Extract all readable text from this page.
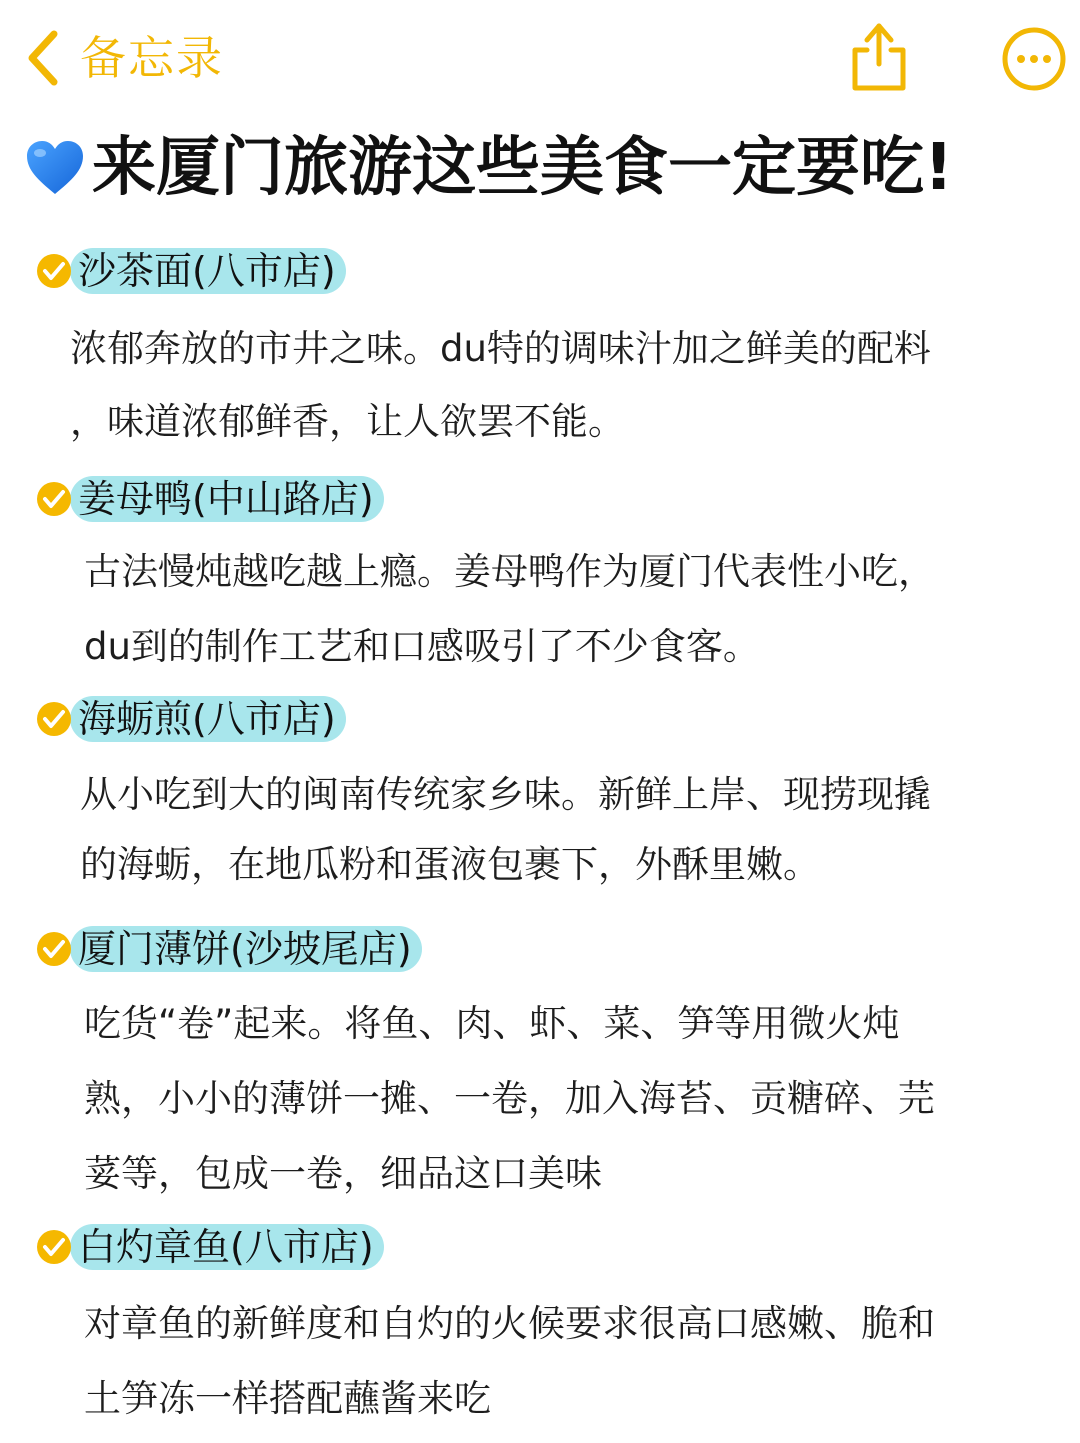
备忘录
来厦门旅游这些美食一定要吃!
沙茶面(八市店)
浓郁奔放的市井之味。du特的调味汁加之鲜美的配料
，味道浓郁鲜香，让人欲罢不能。
姜母鸭(中山路店)
古法慢炖越吃越上瘾。姜母鸭作为厦门代表性小吃，
du到的制作工艺和口感吸引了不少食客。
海蛎煎(八市店)
从小吃到大的闽南传统家乡味。新鲜上岸、现捞现撬
的海蛎，在地瓜粉和蛋液包裹下，外酥里嫩。
厦门薄饼(沙坡尾店)
吃货“卷”起来。将鱼、肉、虾、菜、笋等用微火炖
熟，小小的薄饼一摊、一卷，加入海苔、贡糖碎、芫
荽等，包成一卷，细品这口美味
白灼章鱼(八市店)
对章鱼的新鲜度和自灼的火候要求很高口感嫩、脆和
土笋冻一样搭配蘸酱来吃
